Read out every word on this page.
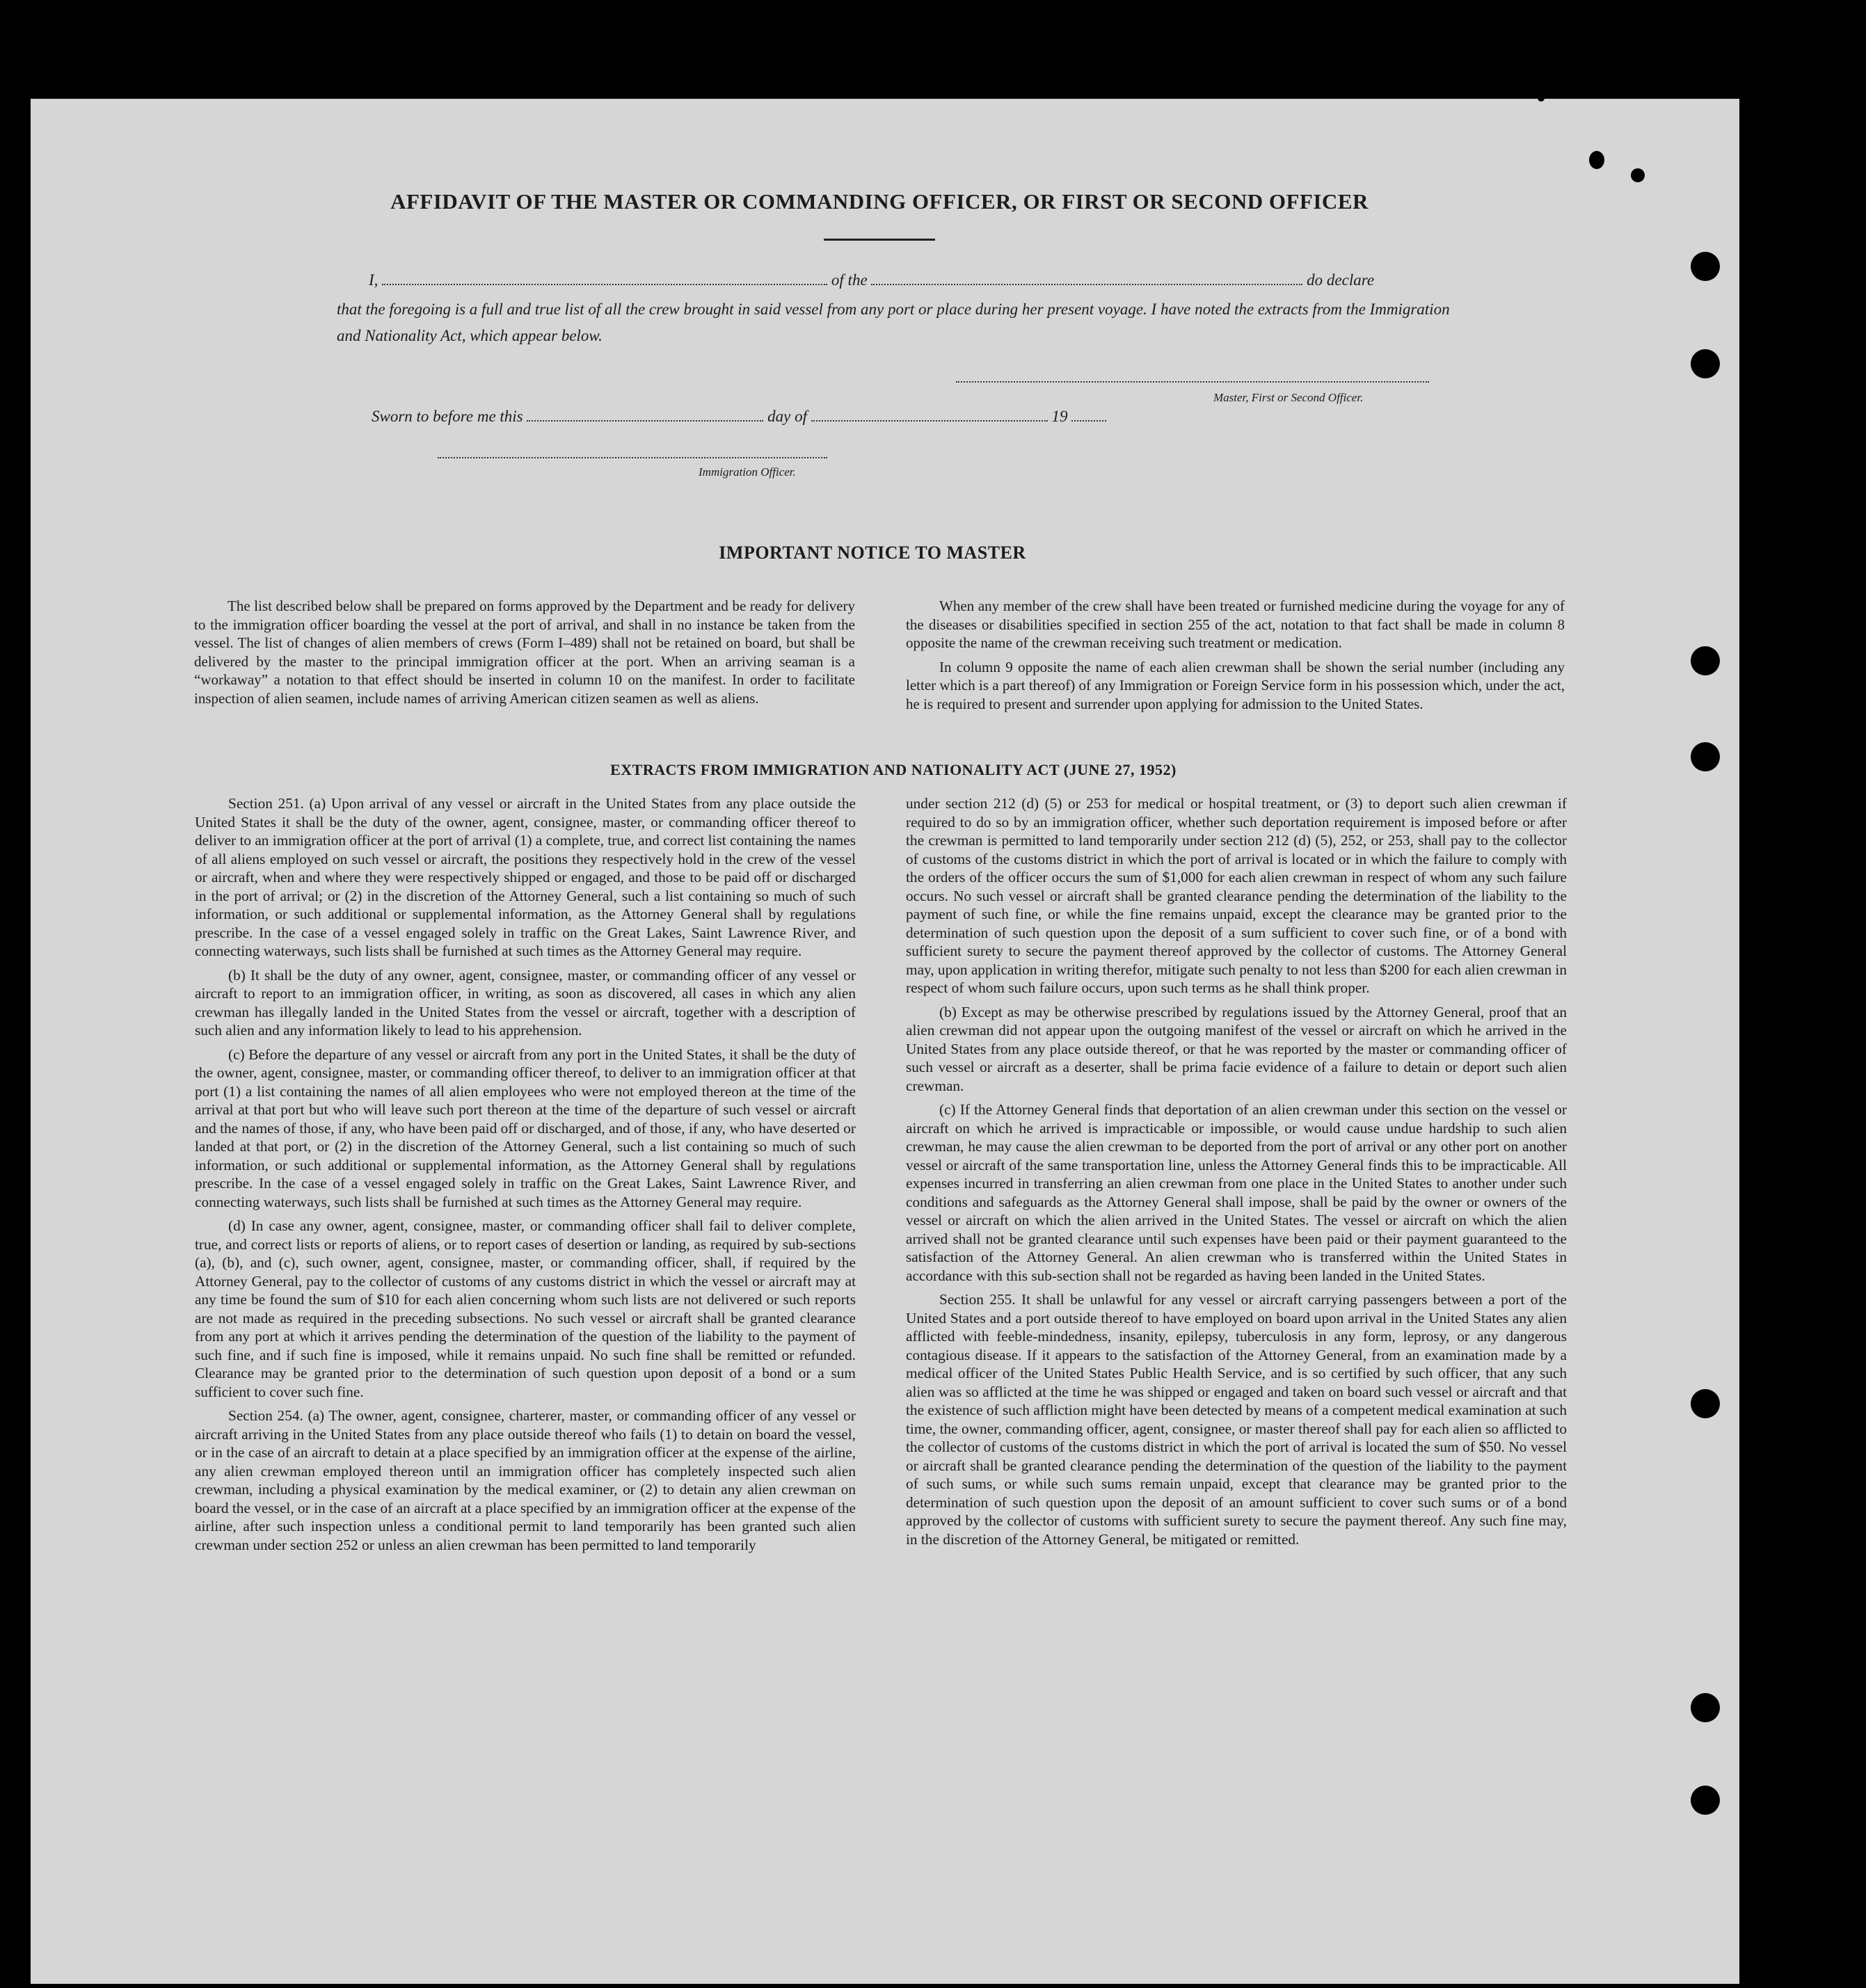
AFFIDAVIT OF THE MASTER OR COMMANDING OFFICER, OR FIRST OR SECOND OFFICER
I,	of the	do declare
that the foregoing is a full and true list of all the crew brought in said vessel from any port or place during her present voyage. I have noted the extracts from the Immigration and Nationality Act, which appear below.
Master, First or Second Officer.
Sworn to before me this	day of	19
Immigration Officer.
IMPORTANT NOTICE TO MASTER

The list described below shall be prepared on forms approved by the Department and be ready for delivery to the immigration officer boarding the vessel at the port of arrival, and shall in no instance be taken from the vessel. The list of changes of alien members of crews (Form I–489) shall not be retained on board, but shall be delivered by the master to the principal immigration officer at the port. When an arriving seaman is a “workaway” a notation to that effect should be inserted in column 10 on the manifest. In order to facilitate inspection of alien seamen, include names of arriving American citizen seamen as well as aliens.

When any member of the crew shall have been treated or furnished medicine during the voyage for any of the diseases or disabilities specified in section 255 of the act, notation to that fact shall be made in column 8 opposite the name of the crewman receiving such treatment or medication.

In column 9 opposite the name of each alien crewman shall be shown the serial number (including any letter which is a part thereof) of any Immigration or Foreign Service form in his possession which, under the act, he is required to present and surrender upon applying for admission to the United States.

EXTRACTS FROM IMMIGRATION AND NATIONALITY ACT (JUNE 27, 1952)

Section 251. (a) Upon arrival of any vessel or aircraft in the United States from any place outside the United States it shall be the duty of the owner, agent, consignee, master, or commanding officer thereof to deliver to an immigration officer at the port of arrival (1) a complete, true, and correct list containing the names of all aliens employed on such vessel or aircraft, the positions they respectively hold in the crew of the vessel or aircraft, when and where they were respectively shipped or engaged, and those to be paid off or discharged in the port of arrival; or (2) in the discretion of the Attorney General, such a list containing so much of such information, or such additional or supplemental information, as the Attorney General shall by regulations prescribe. In the case of a vessel engaged solely in traffic on the Great Lakes, Saint Lawrence River, and connecting waterways, such lists shall be furnished at such times as the Attorney General may require.

(b) It shall be the duty of any owner, agent, consignee, master, or commanding officer of any vessel or aircraft to report to an immigration officer, in writing, as soon as discovered, all cases in which any alien crewman has illegally landed in the United States from the vessel or aircraft, together with a description of such alien and any information likely to lead to his apprehension.

(c) Before the departure of any vessel or aircraft from any port in the United States, it shall be the duty of the owner, agent, consignee, master, or commanding officer thereof, to deliver to an immigration officer at that port (1) a list containing the names of all alien employees who were not employed thereon at the time of the arrival at that port but who will leave such port thereon at the time of the departure of such vessel or aircraft and the names of those, if any, who have been paid off or discharged, and of those, if any, who have deserted or landed at that port, or (2) in the discretion of the Attorney General, such a list containing so much of such information, or such additional or supplemental information, as the Attorney General shall by regulations prescribe. In the case of a vessel engaged solely in traffic on the Great Lakes, Saint Lawrence River, and connecting waterways, such lists shall be furnished at such times as the Attorney General may require.

(d) In case any owner, agent, consignee, master, or commanding officer shall fail to deliver complete, true, and correct lists or reports of aliens, or to report cases of desertion or landing, as required by sub-sections (a), (b), and (c), such owner, agent, consignee, master, or commanding officer, shall, if required by the Attorney General, pay to the collector of customs of any customs district in which the vessel or aircraft may at any time be found the sum of $10 for each alien concerning whom such lists are not delivered or such reports are not made as required in the preceding subsections. No such vessel or aircraft shall be granted clearance from any port at which it arrives pending the determination of the question of the liability to the payment of such fine, and if such fine is imposed, while it remains unpaid. No such fine shall be remitted or refunded. Clearance may be granted prior to the determination of such question upon deposit of a bond or a sum sufficient to cover such fine.

Section 254. (a) The owner, agent, consignee, charterer, master, or commanding officer of any vessel or aircraft arriving in the United States from any place outside thereof who fails (1) to detain on board the vessel, or in the case of an aircraft to detain at a place specified by an immigration officer at the expense of the airline, any alien crewman employed thereon until an immigration officer has completely inspected such alien crewman, including a physical examination by the medical examiner, or (2) to detain any alien crewman on board the vessel, or in the case of an aircraft at a place specified by an immigration officer at the expense of the airline, after such inspection unless a conditional permit to land temporarily has been granted such alien crewman under section 252 or unless an alien crewman has been permitted to land temporarily

under section 212 (d) (5) or 253 for medical or hospital treatment, or (3) to deport such alien crewman if required to do so by an immigration officer, whether such deportation requirement is imposed before or after the crewman is permitted to land temporarily under section 212 (d) (5), 252, or 253, shall pay to the collector of customs of the customs district in which the port of arrival is located or in which the failure to comply with the orders of the officer occurs the sum of $1,000 for each alien crewman in respect of whom any such failure occurs. No such vessel or aircraft shall be granted clearance pending the determination of the liability to the payment of such fine, or while the fine remains unpaid, except the clearance may be granted prior to the determination of such question upon the deposit of a sum sufficient to cover such fine, or of a bond with sufficient surety to secure the payment thereof approved by the collector of customs. The Attorney General may, upon application in writing therefor, mitigate such penalty to not less than $200 for each alien crewman in respect of whom such failure occurs, upon such terms as he shall think proper.

(b) Except as may be otherwise prescribed by regulations issued by the Attorney General, proof that an alien crewman did not appear upon the outgoing manifest of the vessel or aircraft on which he arrived in the United States from any place outside thereof, or that he was reported by the master or commanding officer of such vessel or aircraft as a deserter, shall be prima facie evidence of a failure to detain or deport such alien crewman.

(c) If the Attorney General finds that deportation of an alien crewman under this section on the vessel or aircraft on which he arrived is impracticable or impossible, or would cause undue hardship to such alien crewman, he may cause the alien crewman to be deported from the port of arrival or any other port on another vessel or aircraft of the same transportation line, unless the Attorney General finds this to be impracticable. All expenses incurred in transferring an alien crewman from one place in the United States to another under such conditions and safeguards as the Attorney General shall impose, shall be paid by the owner or owners of the vessel or aircraft on which the alien arrived in the United States. The vessel or aircraft on which the alien arrived shall not be granted clearance until such expenses have been paid or their payment guaranteed to the satisfaction of the Attorney General. An alien crewman who is transferred within the United States in accordance with this sub-section shall not be regarded as having been landed in the United States.

Section 255. It shall be unlawful for any vessel or aircraft carrying passengers between a port of the United States and a port outside thereof to have employed on board upon arrival in the United States any alien afflicted with feeble-mindedness, insanity, epilepsy, tuberculosis in any form, leprosy, or any dangerous contagious disease. If it appears to the satisfaction of the Attorney General, from an examination made by a medical officer of the United States Public Health Service, and is so certified by such officer, that any such alien was so afflicted at the time he was shipped or engaged and taken on board such vessel or aircraft and that the existence of such affliction might have been detected by means of a competent medical examination at such time, the owner, commanding officer, agent, consignee, or master thereof shall pay for each alien so afflicted to the collector of customs of the customs district in which the port of arrival is located the sum of $50. No vessel or aircraft shall be granted clearance pending the determination of the question of the liability to the payment of such sums, or while such sums remain unpaid, except that clearance may be granted prior to the determination of such question upon the deposit of an amount sufficient to cover such sums or of a bond approved by the collector of customs with sufficient surety to secure the payment thereof. Any such fine may, in the discretion of the Attorney General, be mitigated or remitted.
